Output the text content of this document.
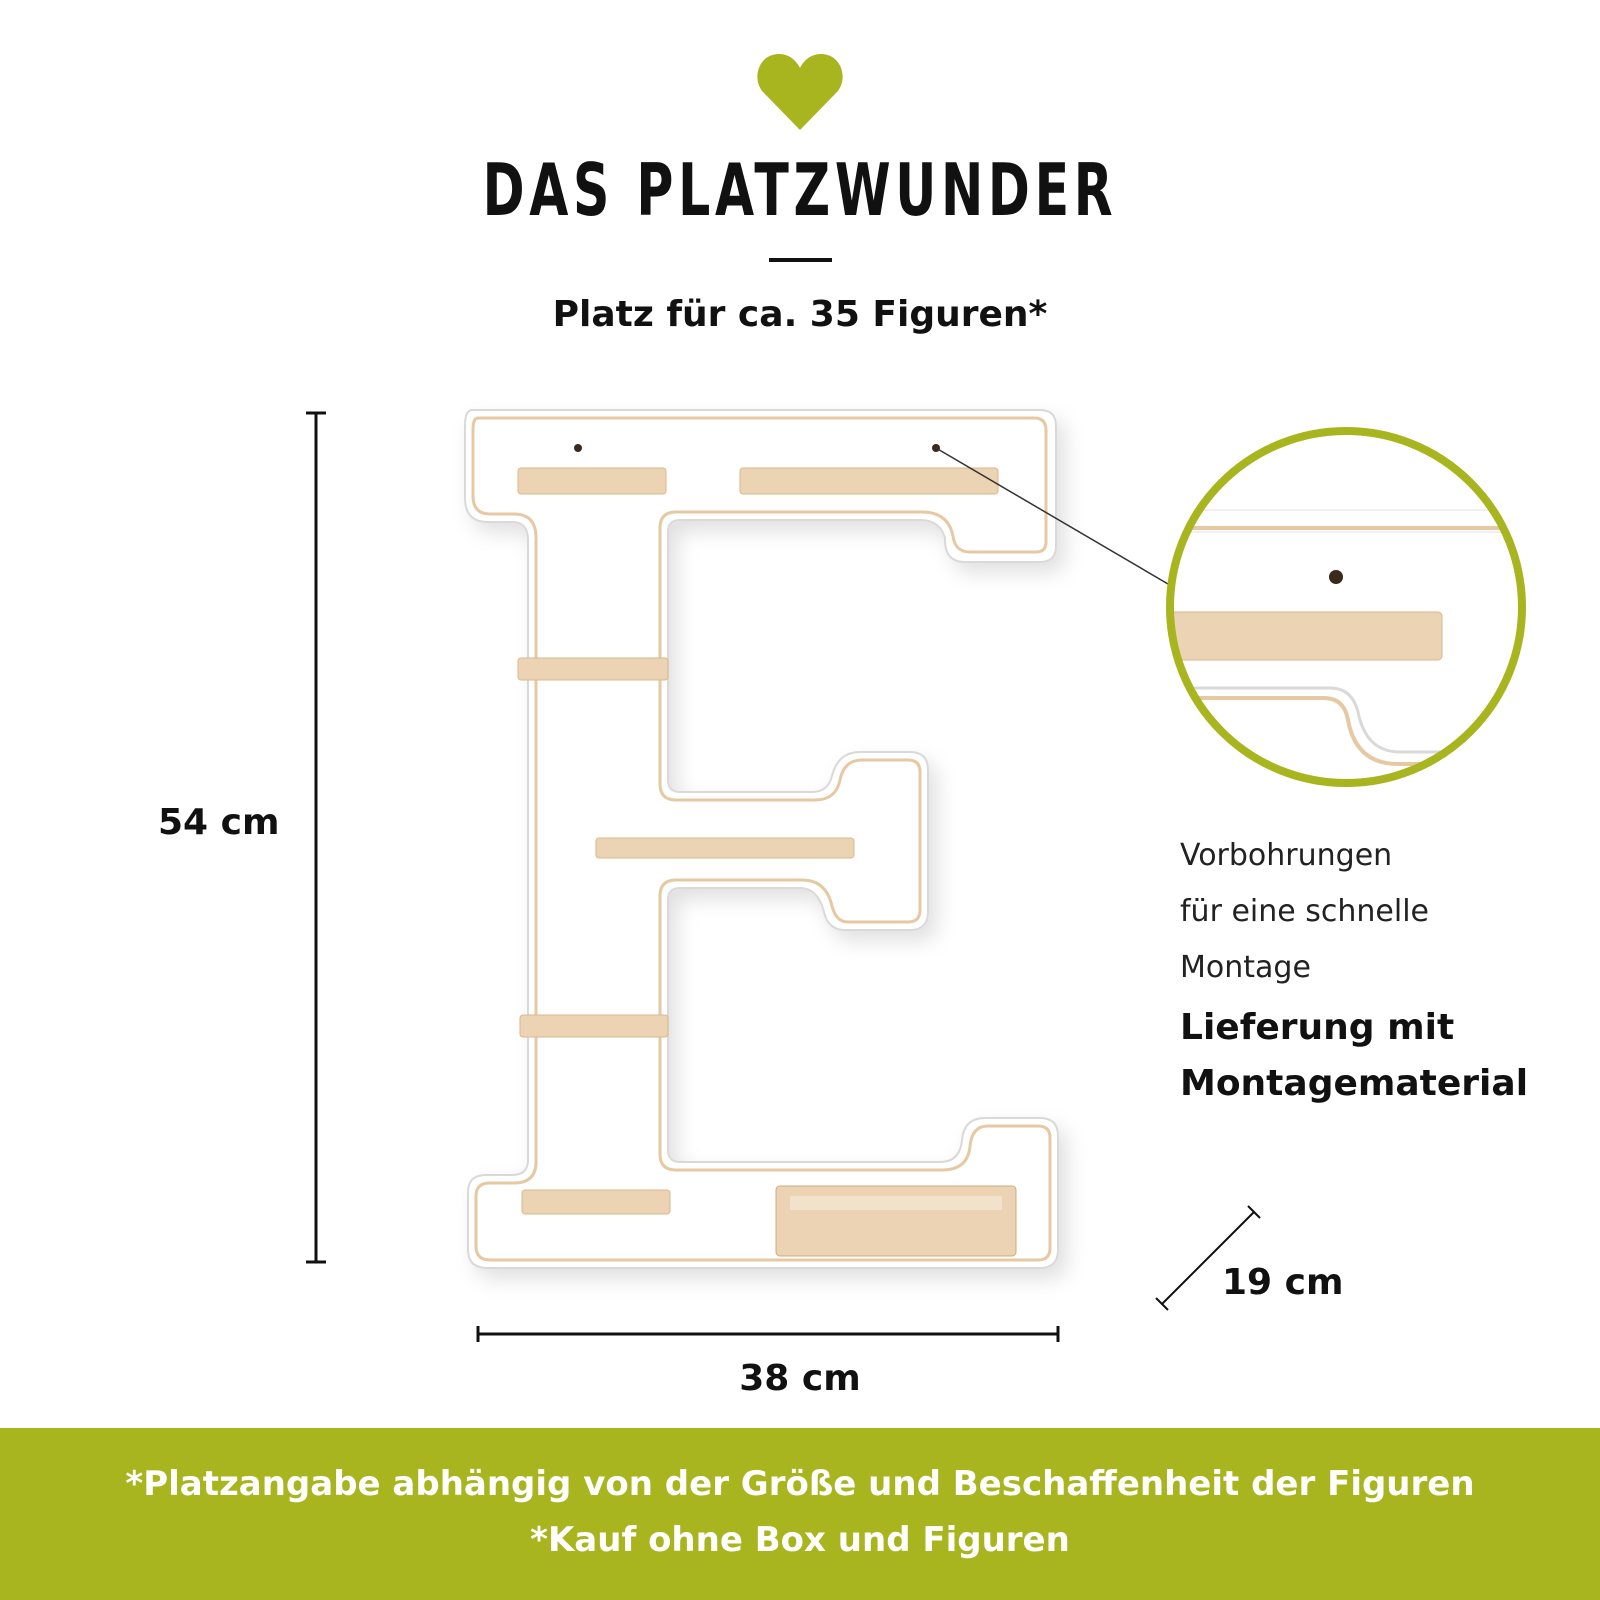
DAS PLATZWUNDER
Platz für ca. 35 Figuren*
54 cm
38 cm
19 cm
Vorbohrungen
für eine schnelle
Montage
Lieferung mit
Montagematerial
*Platzangabe abhängig von der Größe und Beschaffenheit der Figuren
*Kauf ohne Box und Figuren
